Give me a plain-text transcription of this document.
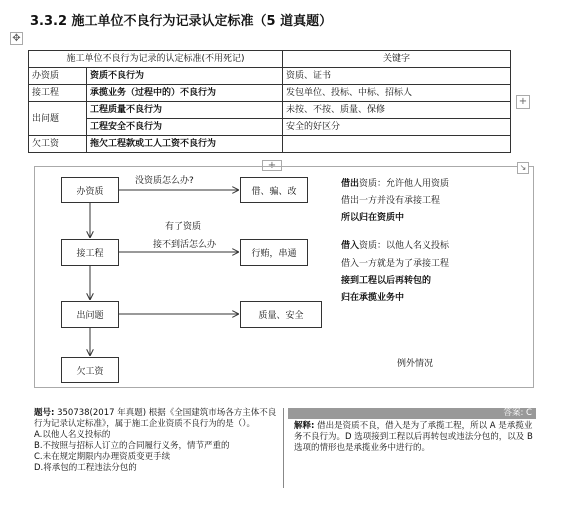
3.3.2 施工单位不良行为记录认定标准（5 道真题）
✥
施工单位不良行为记录的认定标准(不用死记)		关键字
办资质	资质不良行为	资质、证书
接工程	承揽业务（过程中的）不良行为	发包单位、投标、中标、招标人
出问题	工程质量不良行为	未按、不按、质量、保修
	工程安全不良行为	安全的好区分
欠工资	拖欠工程款或工人工资不良行为	
+
+
办资质
接工程
出问题
欠工资
借、骗、改
行贿，串通
质量、安全
没资质怎么办?
有了资质
接不到活怎么办
借出资质：允许他人用资质
借出一方并没有承接工程
所以归在资质中
借入资质：以他人名义投标
借入一方就是为了承接工程
接到工程以后再转包的
归在承揽业务中
例外情况
↘

题号: 350738(2017 年真题) 根据《全国建筑市场各方主体不良行为记录认定标准》，属于施工企业资质不良行为的是（）。

A.以他人名义投标的

B.不按照与招标人订立的合同履行义务，情节严重的

C.未在规定期限内办理资质变更手续

D.将承包的工程违法分包的

答案: C
解释: 借出是资质不良，借入是为了承揽工程，所以 A 是承揽业务不良行为。D 选项接到工程以后再转包或违法分包的，以及 B 选项的情形也是承揽业务中进行的。
